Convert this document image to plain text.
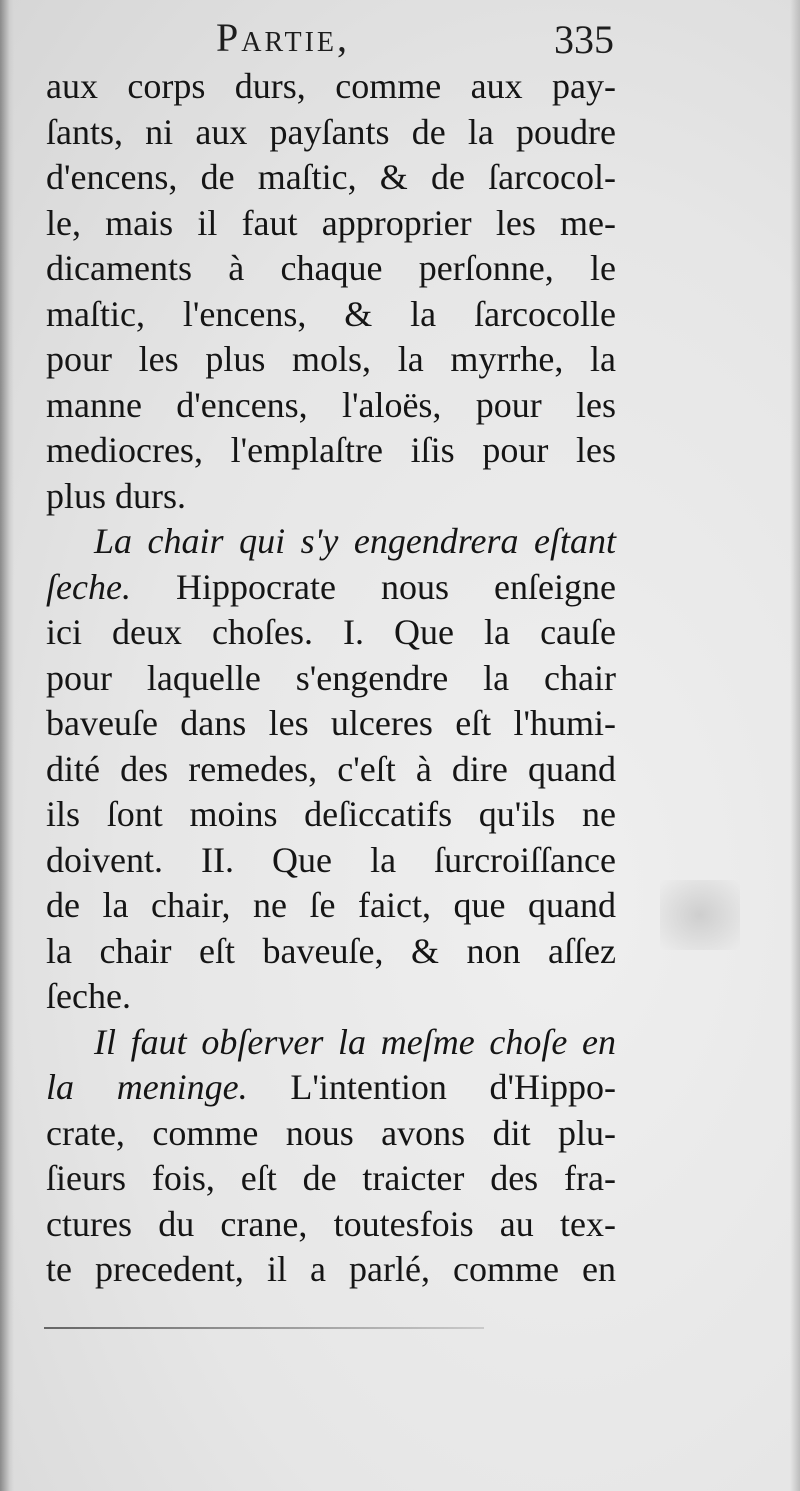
Partie,	335
aux corps durs, comme aux pay-
ſants, ni aux payſants de la poudre
d'encens, de maſtic, & de ſarcocol-
le, mais il faut approprier les me-
dicaments à chaque perſonne, le
maſtic, l'encens, & la ſarcocolle
pour les plus mols, la myrrhe, la
manne d'encens, l'aloës, pour les
mediocres, l'emplaſtre iſis pour les
plus durs.
La chair qui s'y engendrera eſtant
ſeche. Hippocrate nous enſeigne
ici deux choſes. I. Que la cauſe
pour laquelle s'engendre la chair
baveuſe dans les ulceres eſt l'humi-
dité des remedes, c'eſt à dire quand
ils ſont moins deſiccatifs qu'ils ne
doivent. II. Que la ſurcroiſſance
de la chair, ne ſe faict, que quand
la chair eſt baveuſe, & non aſſez
ſeche.
Il faut obſerver la meſme choſe en
la meninge. L'intention d'Hippo-
crate, comme nous avons dit plu-
ſieurs fois, eſt de traicter des fra-
ctures du crane, toutesfois au tex-
te precedent, il a parlé, comme en
